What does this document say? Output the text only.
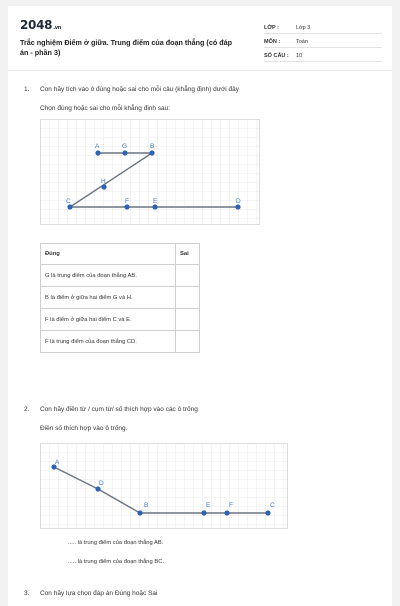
2048.vn
Trắc nghiệm Điểm ở giữa. Trung điểm của đoạn thẳng (có đáp án - phần 3)
LỚP :	Lớp 3
MÔN :	Toán
SỐ CÂU : 10
1. Con hãy tích vào ô đúng hoặc sai cho mỗi câu (khẳng định) dưới đây
Chọn đúng hoặc sai cho mỗi khẳng định sau:
A	G	B
H
C	F	E	D
Đúng	Sai
G là trung điểm của đoạn thẳng AB.	
B là điểm ở giữa hai điểm G và H.	
F là điểm ở giữa hai điểm C và E.	
F là trung điểm của đoạn thẳng CD.	
2. Con hãy điền từ / cụm từ/ số thích hợp vào các ô trống
Điền số thích hợp vào ô trống.
A
D
B	E	F	C
..... là trung điểm của đoạn thẳng AB.
..... là trung điểm của đoạn thẳng BC.
3. Con hãy lựa chọn đáp án Đúng hoặc Sai
